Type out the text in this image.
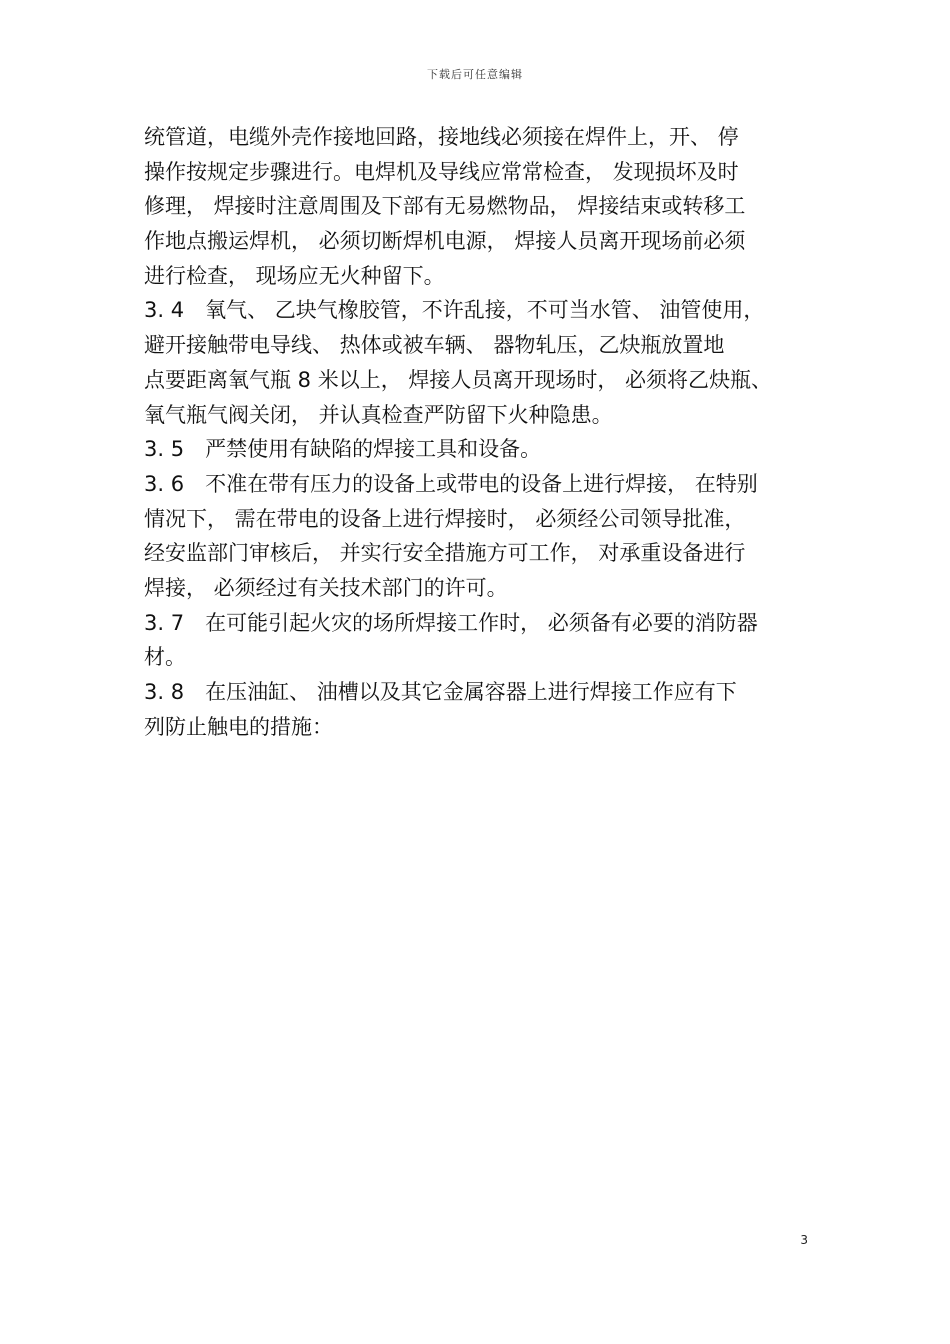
下载后可任意编辑
统管道，电缆外壳作接地回路，接地线必须接在焊件上，开、 停
操作按规定步骤进行。电焊机及导线应常常检查， 发现损坏及时
修理， 焊接时注意周围及下部有无易燃物品， 焊接结束或转移工
作地点搬运焊机， 必须切断焊机电源， 焊接人员离开现场前必须
进行检查， 现场应无火种留下。
3. 4　氧气、 乙块气橡胶管，不许乱接，不可当水管、 油管使用，
避开接触带电导线、 热体或被车辆、 器物轧压，乙炔瓶放置地
点要距离氧气瓶 8 米以上， 焊接人员离开现场时， 必须将乙炔瓶、
氧气瓶气阀关闭， 并认真检查严防留下火种隐患。
3. 5　严禁使用有缺陷的焊接工具和设备。
3. 6　不准在带有压力的设备上或带电的设备上进行焊接， 在特别
情况下， 需在带电的设备上进行焊接时， 必须经公司领导批准，
经安监部门审核后， 并实行安全措施方可工作， 对承重设备进行
焊接， 必须经过有关技术部门的许可。
3. 7　在可能引起火灾的场所焊接工作时， 必须备有必要的消防器
材。
3. 8　在压油缸、 油槽以及其它金属容器上进行焊接工作应有下
列防止触电的措施：
3
